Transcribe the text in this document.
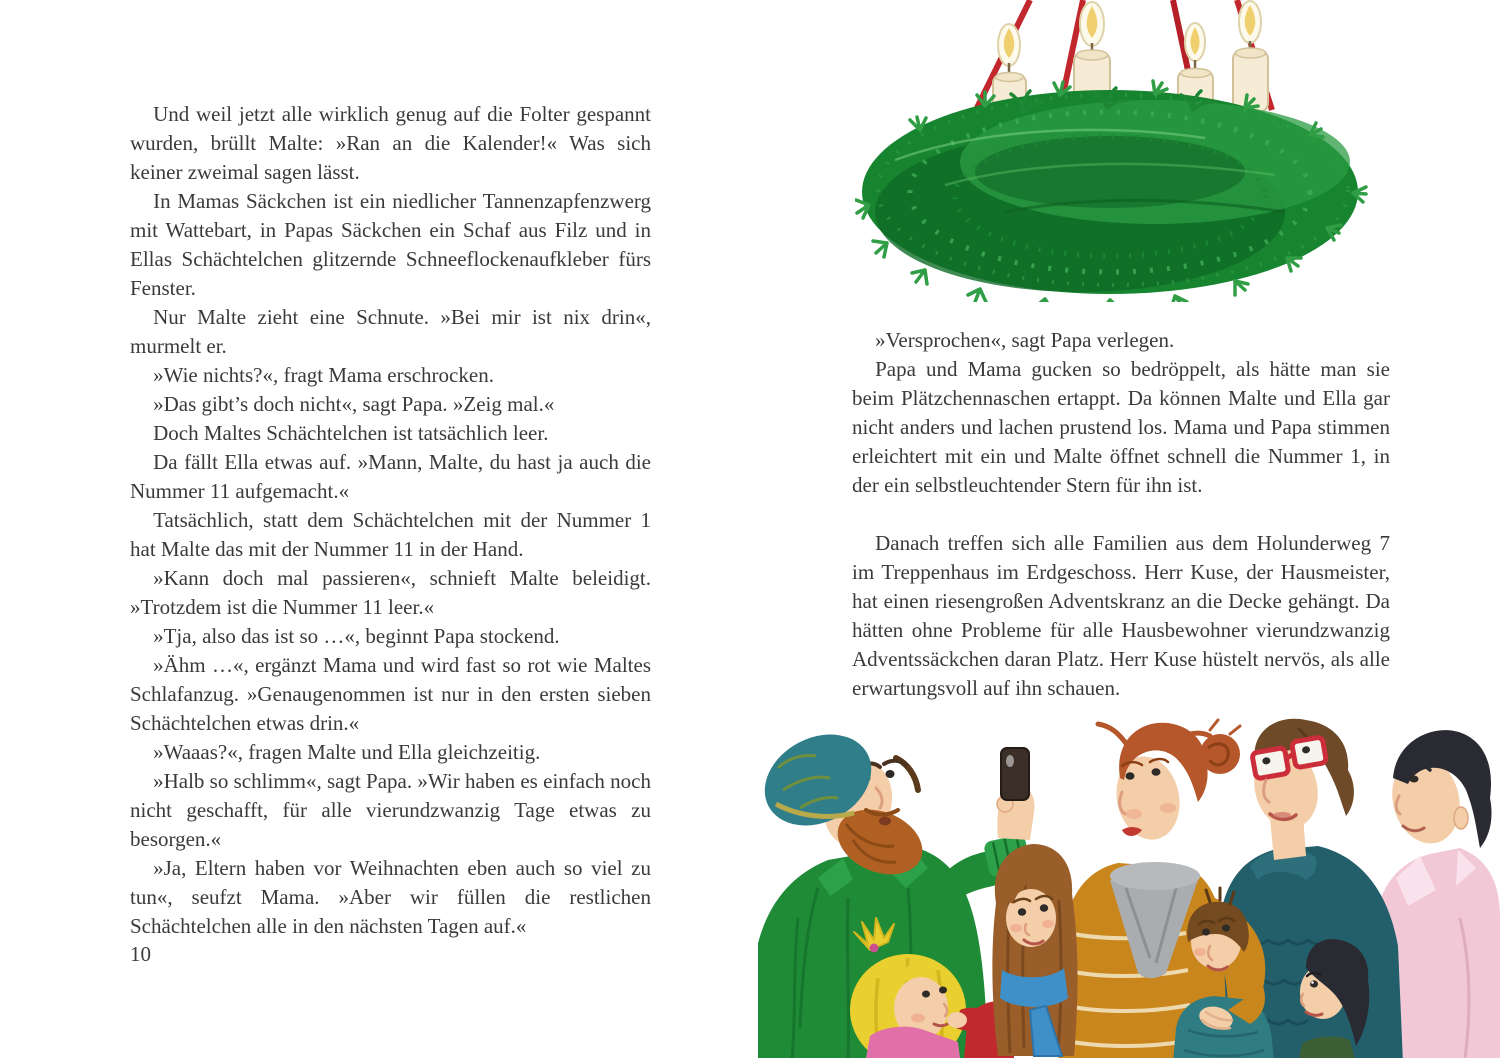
Und weil jetzt alle wirklich genug auf die Folter gespannt wurden, brüllt Malte: »Ran an die Kalender!« Was sich keiner zweimal sagen lässt.

In Mamas Säckchen ist ein niedlicher Tannenzapfenzwerg mit Wattebart, in Papas Säckchen ein Schaf aus Filz und in Ellas Schächtelchen glitzernde Schneeflockenaufkleber fürs Fenster.

Nur Malte zieht eine Schnute. »Bei mir ist nix drin«, murmelt er.

»Wie nichts?«, fragt Mama erschrocken.

»Das gibt’s doch nicht«, sagt Papa. »Zeig mal.«

Doch Maltes Schächtelchen ist tatsächlich leer.

Da fällt Ella etwas auf. »Mann, Malte, du hast ja auch die Nummer 11 aufgemacht.«

Tatsächlich, statt dem Schächtelchen mit der Nummer 1 hat Malte das mit der Nummer 11 in der Hand.

»Kann doch mal passieren«, schnieft Malte beleidigt. »Trotzdem ist die Nummer 11 leer.«

»Tja, also das ist so …«, beginnt Papa stockend.

»Ähm …«, ergänzt Mama und wird fast so rot wie Maltes Schlafanzug. »Genaugenommen ist nur in den ersten sieben Schächtelchen etwas drin.«

»Waaas?«, fragen Malte und Ella gleichzeitig.

»Halb so schlimm«, sagt Papa. »Wir haben es einfach noch nicht geschafft, für alle vierundzwanzig Tage etwas zu besorgen.«

»Ja, Eltern haben vor Weihnachten eben auch so viel zu tun«, seufzt Mama. »Aber wir füllen die restlichen Schächtelchen alle in den nächsten Tagen auf.«

10

»Versprochen«, sagt Papa verlegen.

Papa und Mama gucken so bedröppelt, als hätte man sie beim Plätzchennaschen ertappt. Da können Malte und Ella gar nicht anders und lachen prustend los. Mama und Papa stimmen erleichtert mit ein und Malte öffnet schnell die Nummer 1, in der ein selbstleuchtender Stern für ihn ist.

Danach treffen sich alle Familien aus dem Holunderweg 7 im Treppenhaus im Erdgeschoss. Herr Kuse, der Hausmeister, hat einen riesengroßen Adventskranz an die Decke gehängt. Da hätten ohne Probleme für alle Hausbewohner vierundzwanzig Adventssäckchen daran Platz. Herr Kuse hüstelt nervös, als alle erwartungsvoll auf ihn schauen.
